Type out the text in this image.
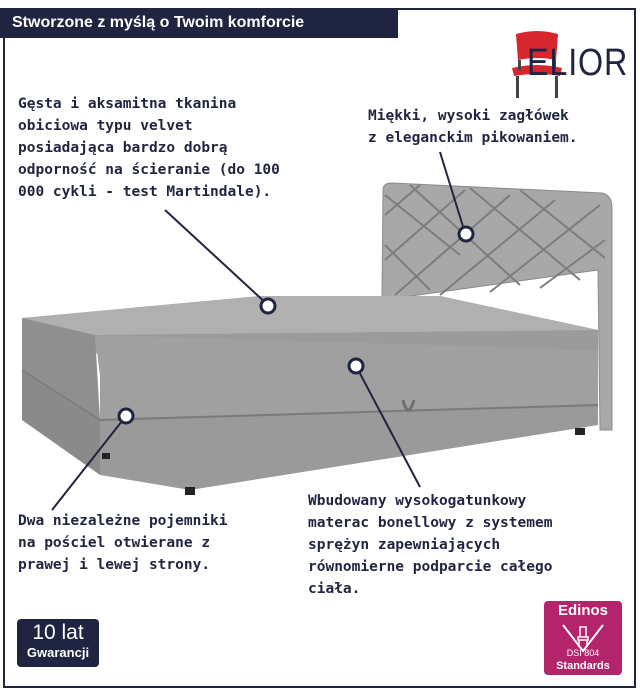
Stworzone z myślą o Twoim komforcie
ELIOR
Gęsta i aksamitna tkanina
obiciowa typu velvet
posiadająca bardzo dobrą
odporność na ścieranie (do 100
000 cykli - test Martindale).
Miękki, wysoki zagłówek
z eleganckim pikowaniem.
Dwa niezależne pojemniki
na pościel otwierane z
prawej i lewej strony.
Wbudowany wysokogatunkowy
materac bonellowy z systemem
sprężyn zapewniających
równomierne podparcie całego
ciała.
10 lat
Gwarancji
Edinos
DSI 804
Standards
